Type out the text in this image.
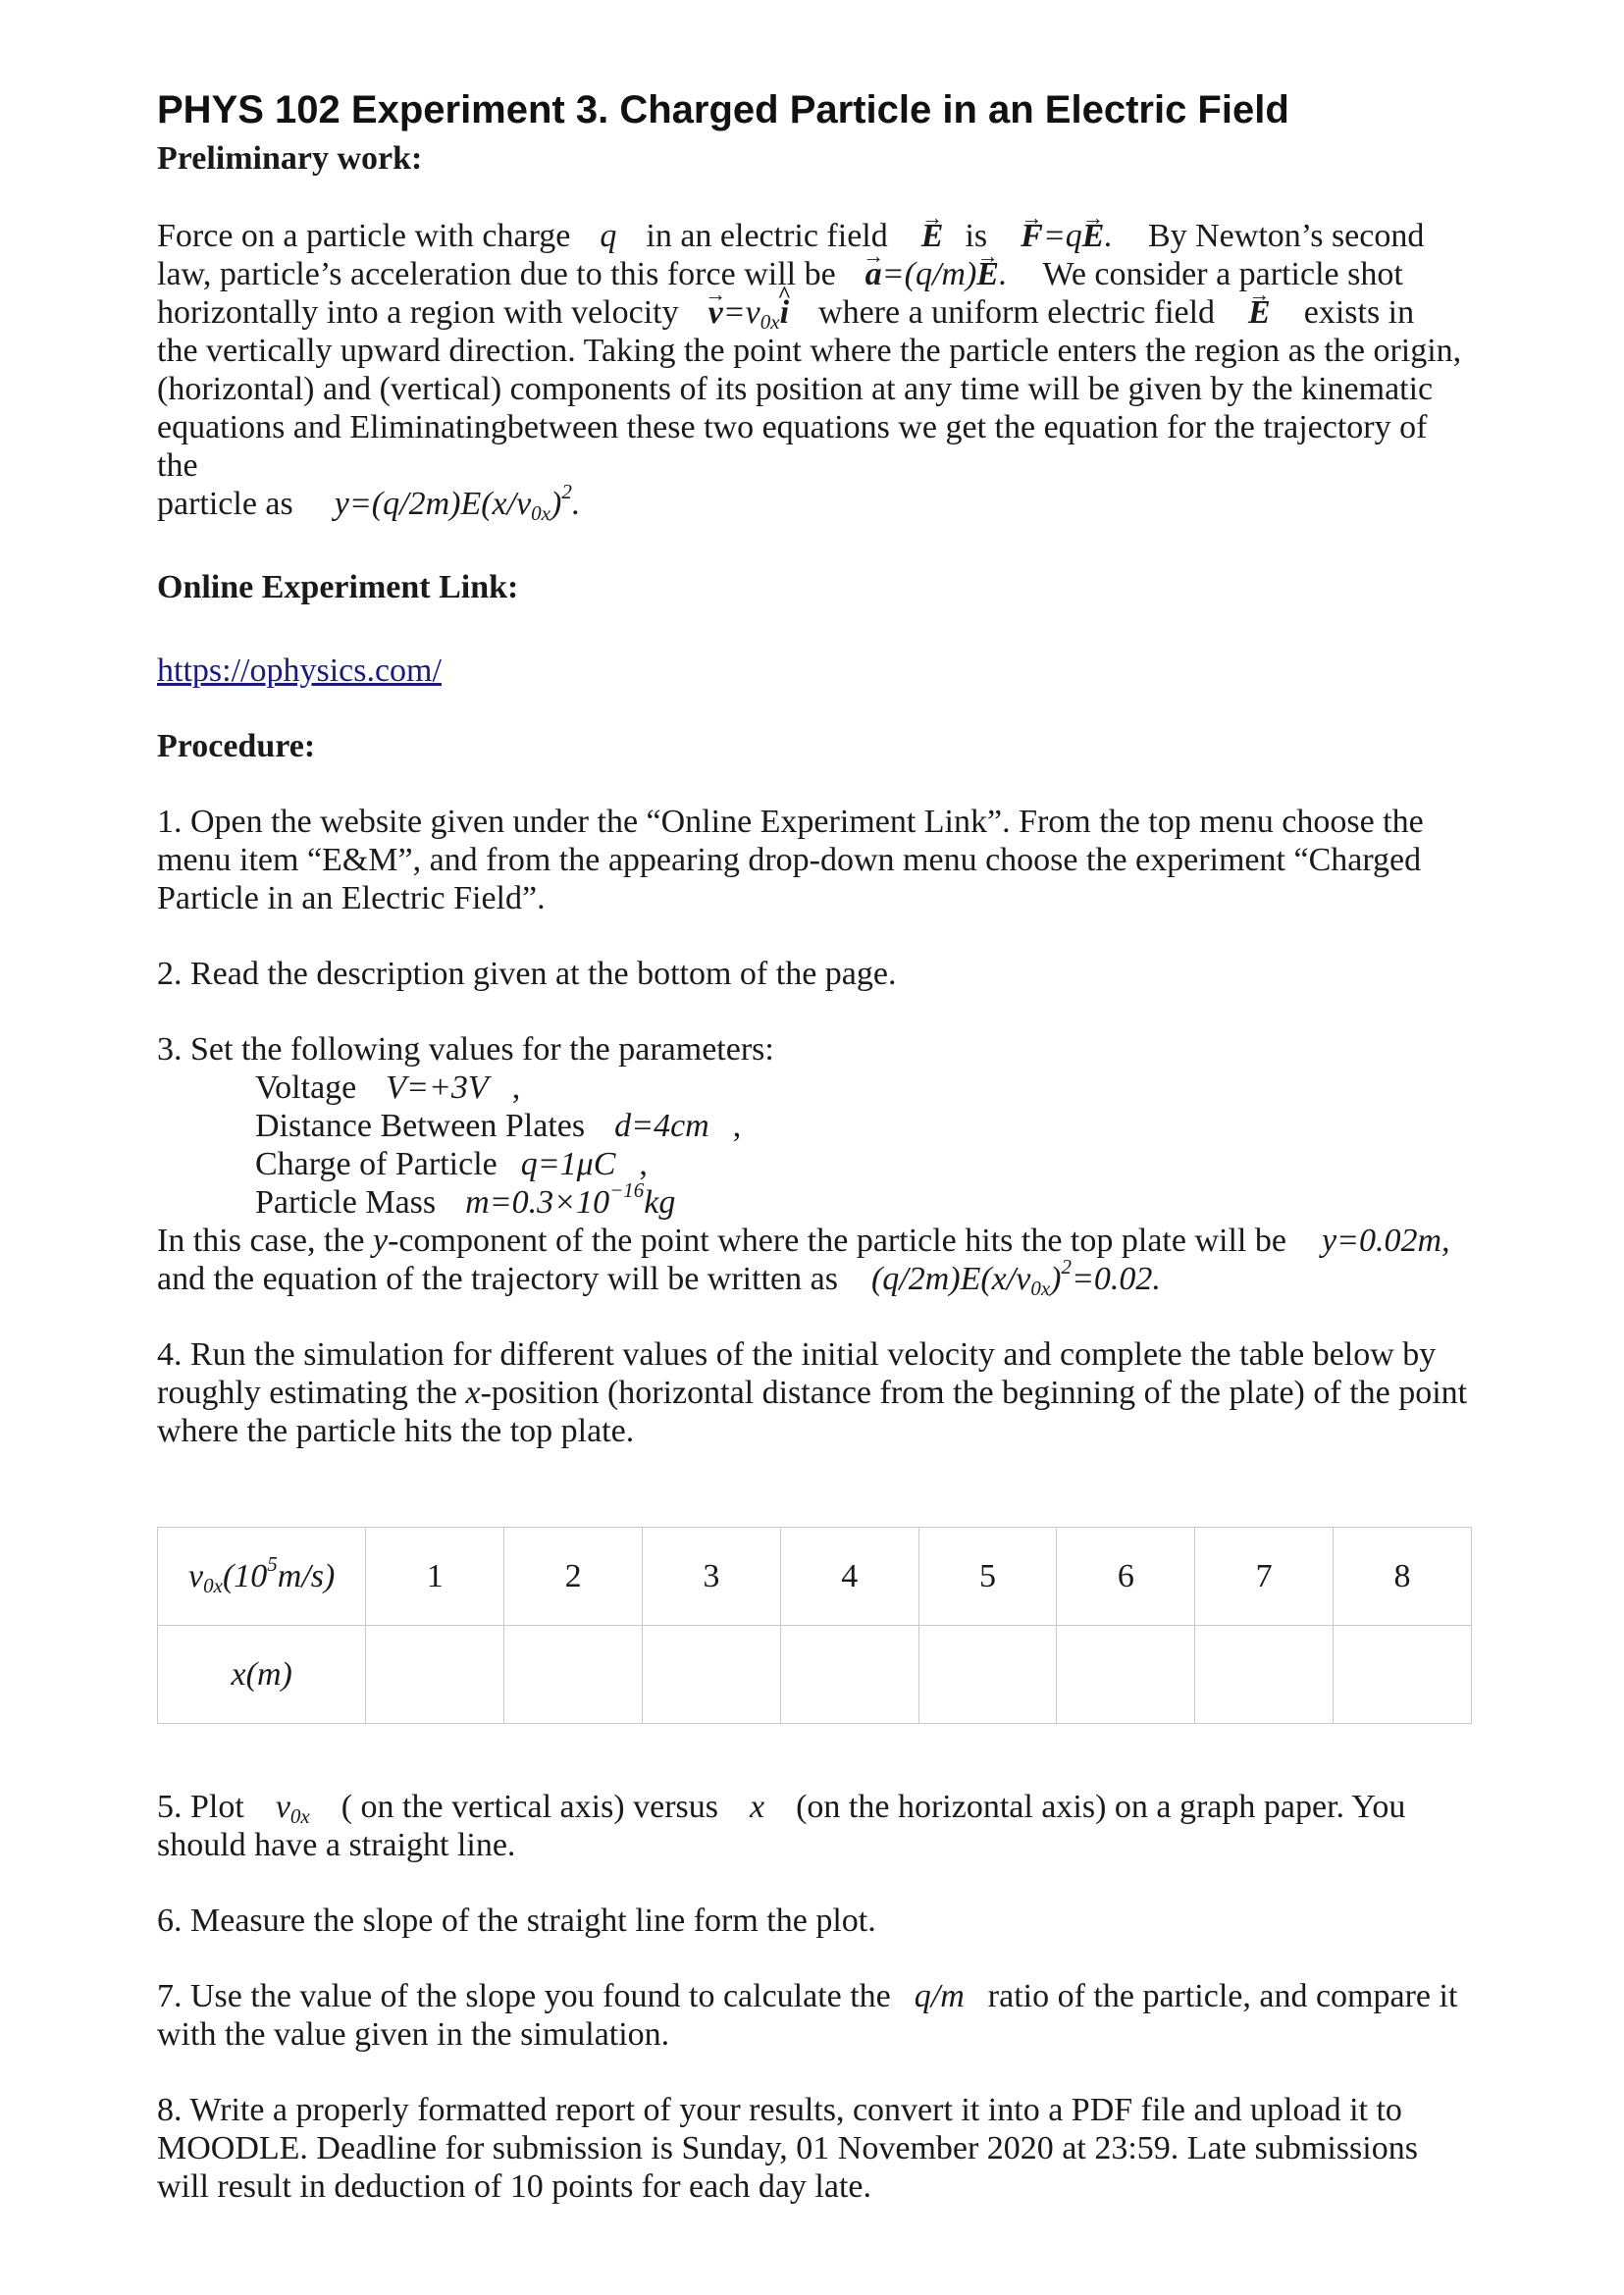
PHYS 102 Experiment 3. Charged Particle in an Electric Field

Preliminary work:

Force on a particle with charge q in an electric field → E is → F=q→ E. By Newton’s second
law, particle’s acceleration due to this force will be → a=(q/m)→ E. We consider a particle shot
horizontally into a region with velocity → $v=v_{0x}\^{}$ i where a uniform electric field → E exists in
the vertically upward direction. Taking the point where the particle enters the region as the origin, (horizontal) and (vertical) components of its position at any time will be given by the kinematic equations and Eliminatingbetween these two equations we get the equation for the trajectory of the
particle as $y=(q/2m)E(x/v_{0x})^2$.

Online Experiment Link:

https://ophysics.com/

Procedure:

1. Open the website given under the “Online Experiment Link”. From the top menu choose the menu item “E&M”, and from the appearing drop-down menu choose the experiment “Charged Particle in an Electric Field”.

2. Read the description given at the bottom of the page.

3. Set the following values for the parameters:
Voltage V=+3V ,
Distance Between Plates d=4cm ,
Charge of Particle q=1μC ,
Particle Mass $m=0.3\times 10^{-16}kg$
In this case, the y-component of the point where the particle hits the top plate will be y=0.02m,
and the equation of the trajectory will be written as $(q/2m)E(x/v_{0x})^2=0.02$.

4. Run the simulation for different values of the initial velocity and complete the table below by roughly estimating the x-position (horizontal distance from the beginning of the plate) of the point where the particle hits the top plate.

$v_{0x}(10^5m/s)$	1	2	3	4	5	6	7	8
x(m)								

5. Plot $v_{0x}$ ( on the vertical axis) versus x (on the horizontal axis) on a graph paper. You should have a straight line.

6. Measure the slope of the straight line form the plot.

7. Use the value of the slope you found to calculate the q/m ratio of the particle, and compare it with the value given in the simulation.

8. Write a properly formatted report of your results, convert it into a PDF file and upload it to MOODLE. Deadline for submission is Sunday, 01 November 2020 at 23:59. Late submissions will result in deduction of 10 points for each day late.
